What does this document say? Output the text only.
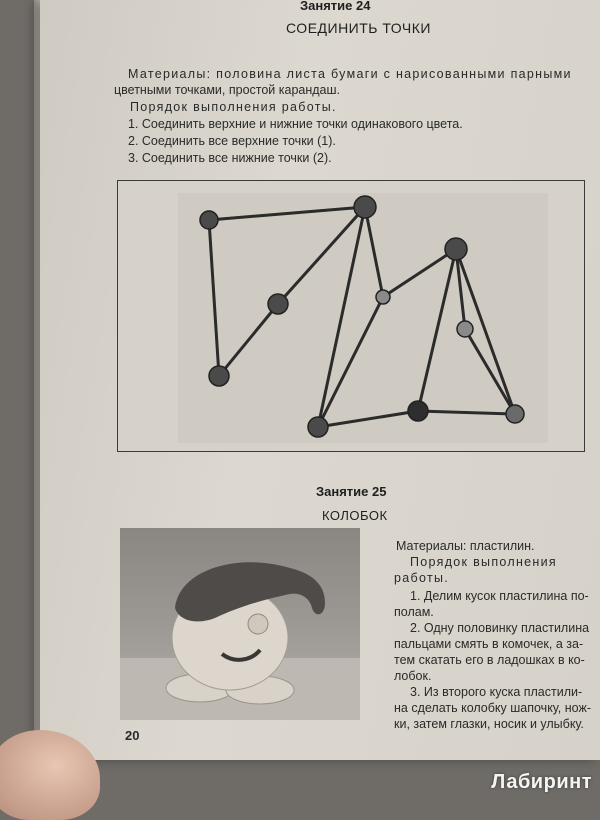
Занятие 24
СОЕДИНИТЬ ТОЧКИ
Материалы: половина листа бумаги с нарисованными парными
цветными точками, простой карандаш.
Порядок выполнения работы.
1. Соединить верхние и нижние точки одинакового цвета.
2. Соединить все верхние точки (1).
3. Соединить все нижние точки (2).
Занятие 25
КОЛОБОК
Материалы: пластилин.
Порядок выполнения
работы.
1. Делим кусок пластилина по-
полам.
2. Одну половинку пластилина
пальцами смять в комочек, а за-
тем скатать его в ладошках в ко-
лобок.
3. Из второго куска пластили-
на сделать колобку шапочку, нож-
ки, затем глазки, носик и улыбку.
20
Лабиринт
